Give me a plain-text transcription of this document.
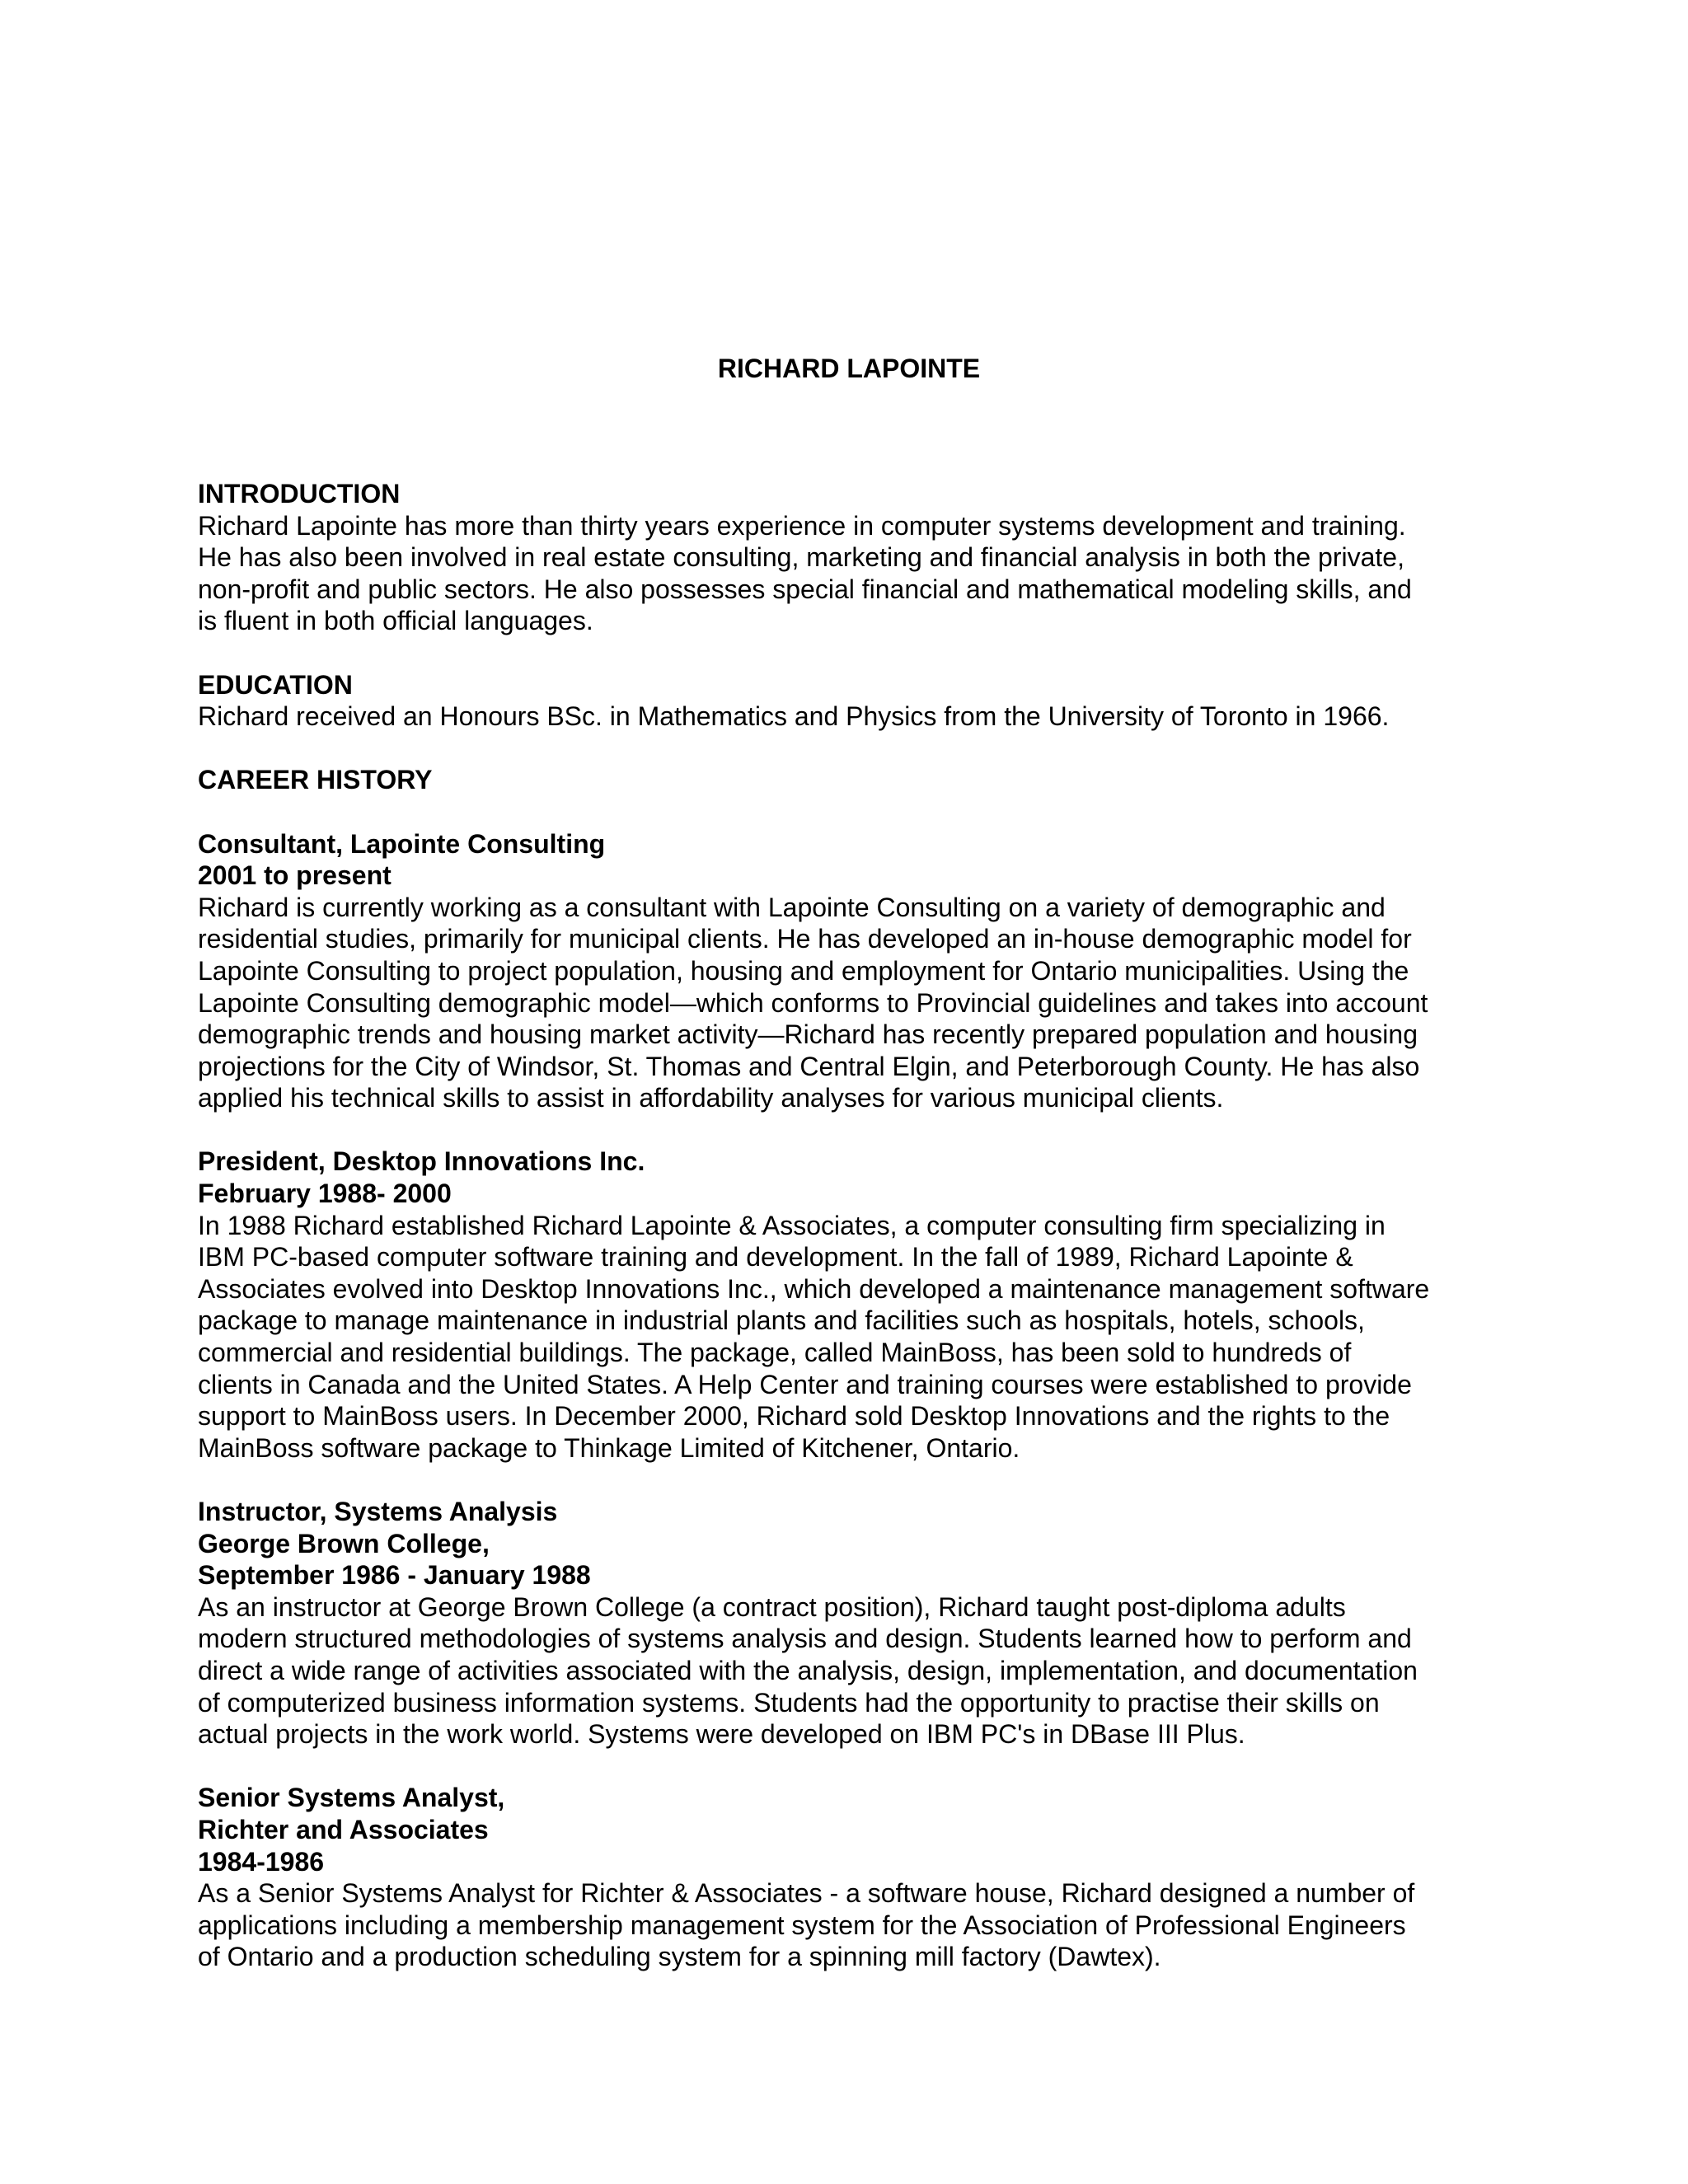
RICHARD LAPOINTE
INTRODUCTION
Richard Lapointe has more than thirty years experience in computer systems development and training.
He has also been involved in real estate consulting, marketing and financial analysis in both the private,
non-profit and public sectors. He also possesses special financial and mathematical modeling skills, and
is fluent in both official languages.
EDUCATION
Richard received an Honours BSc. in Mathematics and Physics from the University of Toronto in 1966.
CAREER HISTORY
Consultant, Lapointe Consulting
2001 to present
Richard is currently working as a consultant with Lapointe Consulting on a variety of demographic and
residential studies, primarily for municipal clients. He has developed an in-house demographic model for
Lapointe Consulting to project population, housing and employment for Ontario municipalities. Using the
Lapointe Consulting demographic model—which conforms to Provincial guidelines and takes into account
demographic trends and housing market activity—Richard has recently prepared population and housing
projections for the City of Windsor, St. Thomas and Central Elgin, and Peterborough County. He has also
applied his technical skills to assist in affordability analyses for various municipal clients.
President, Desktop Innovations Inc.
February 1988- 2000
In 1988 Richard established Richard Lapointe & Associates, a computer consulting firm specializing in
IBM PC-based computer software training and development. In the fall of 1989, Richard Lapointe &
Associates evolved into Desktop Innovations Inc., which developed a maintenance management software
package to manage maintenance in industrial plants and facilities such as hospitals, hotels, schools,
commercial and residential buildings. The package, called MainBoss, has been sold to hundreds of
clients in Canada and the United States. A Help Center and training courses were established to provide
support to MainBoss users. In December 2000, Richard sold Desktop Innovations and the rights to the
MainBoss software package to Thinkage Limited of Kitchener, Ontario.
Instructor, Systems Analysis
George Brown College,
September 1986 - January 1988
As an instructor at George Brown College (a contract position), Richard taught post-diploma adults
modern structured methodologies of systems analysis and design. Students learned how to perform and
direct a wide range of activities associated with the analysis, design, implementation, and documentation
of computerized business information systems. Students had the opportunity to practise their skills on
actual projects in the work world. Systems were developed on IBM PC's in DBase III Plus.
Senior Systems Analyst,
Richter and Associates
1984-1986
As a Senior Systems Analyst for Richter & Associates - a software house, Richard designed a number of
applications including a membership management system for the Association of Professional Engineers
of Ontario and a production scheduling system for a spinning mill factory (Dawtex).
